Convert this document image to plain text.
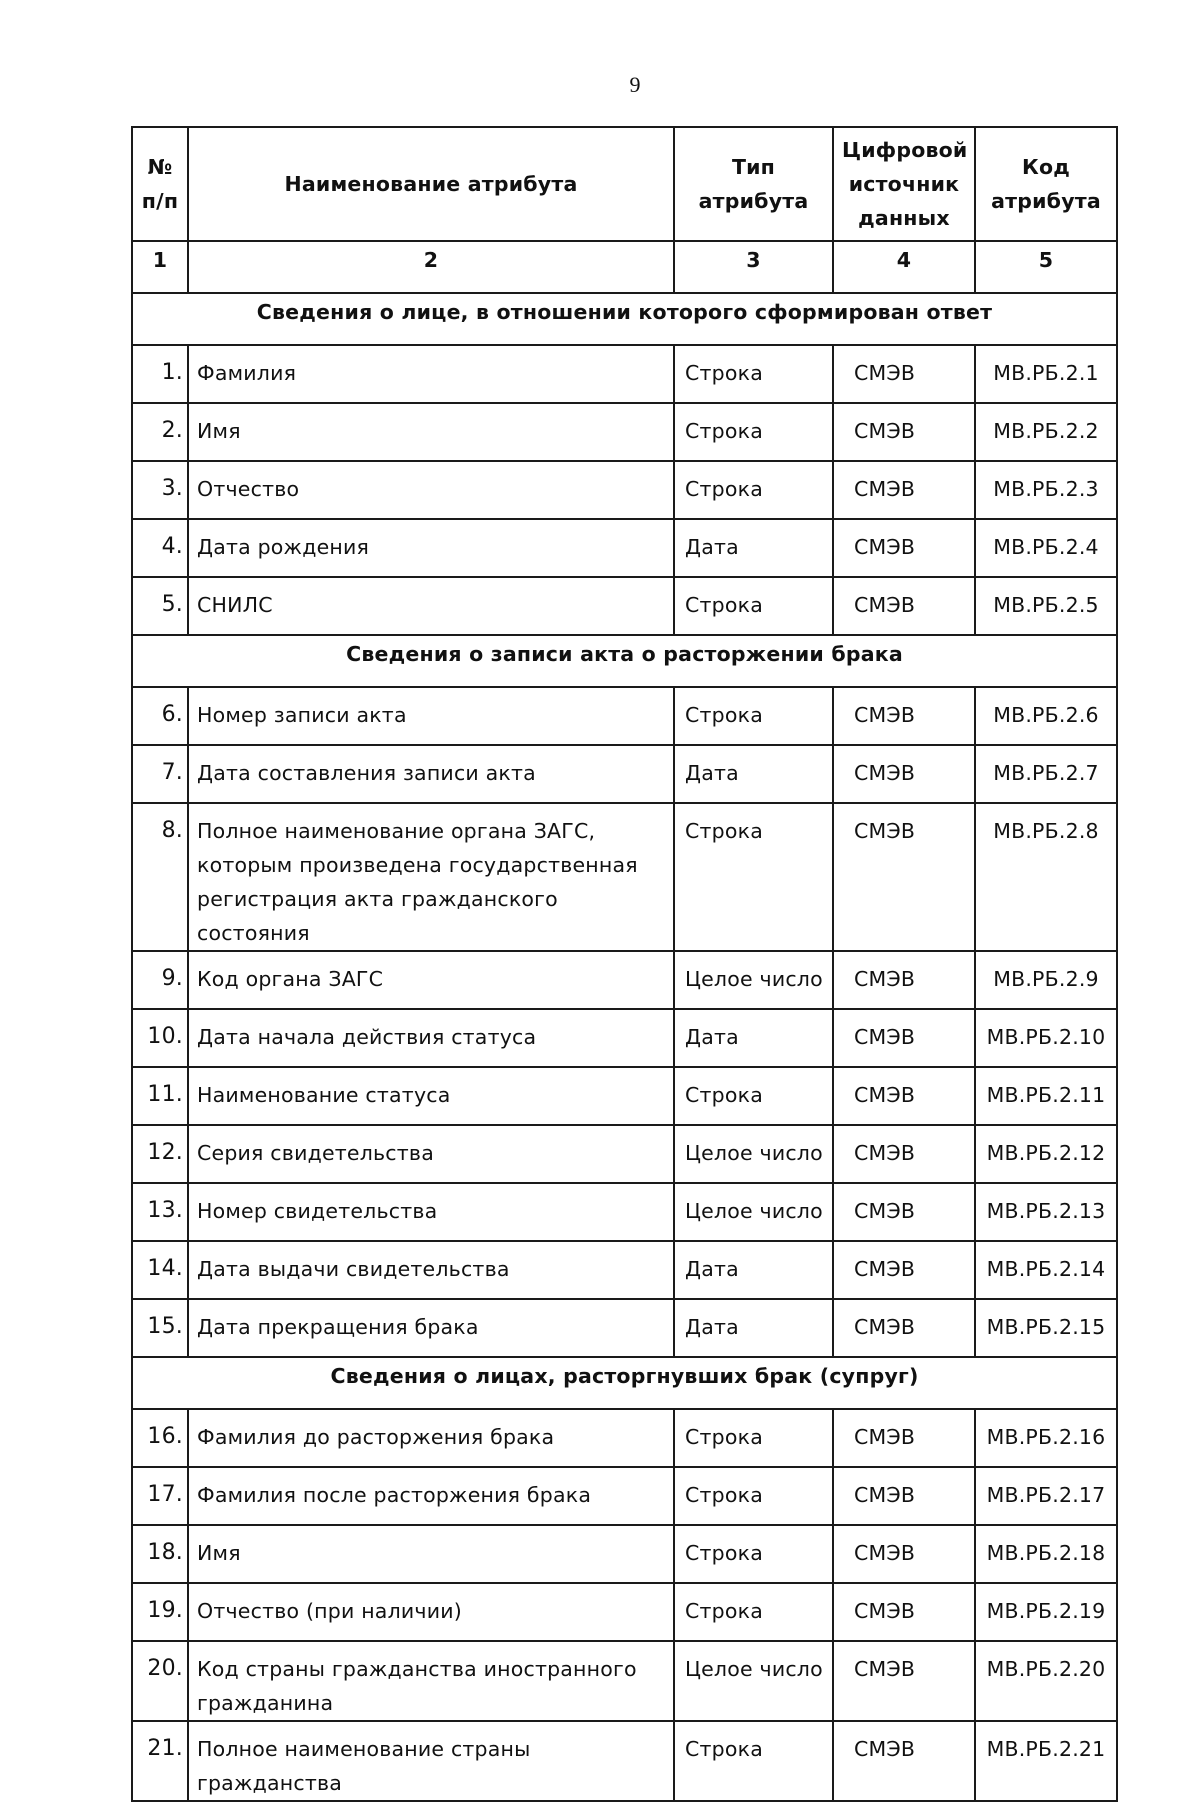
9
№ п/п	Наименование атрибута	Тип атрибута	Цифровой источник данных	Код атрибута
1	2	3	4	5
Сведения о лице, в отношении которого сформирован ответ				
1.	Фамилия	Строка	СМЭВ	МВ.РБ.2.1
2.	Имя	Строка	СМЭВ	МВ.РБ.2.2
3.	Отчество	Строка	СМЭВ	МВ.РБ.2.3
4.	Дата рождения	Дата	СМЭВ	МВ.РБ.2.4
5.	СНИЛС	Строка	СМЭВ	МВ.РБ.2.5
Сведения о записи акта о расторжении брака				
6.	Номер записи акта	Строка	СМЭВ	МВ.РБ.2.6
7.	Дата составления записи акта	Дата	СМЭВ	МВ.РБ.2.7
8.	Полное наименование органа ЗАГС, которым произведена государственная регистрация акта гражданского состояния	Строка	СМЭВ	МВ.РБ.2.8
9.	Код органа ЗАГС	Целое число	СМЭВ	МВ.РБ.2.9
10.	Дата начала действия статуса	Дата	СМЭВ	МВ.РБ.2.10
11.	Наименование статуса	Строка	СМЭВ	МВ.РБ.2.11
12.	Серия свидетельства	Целое число	СМЭВ	МВ.РБ.2.12
13.	Номер свидетельства	Целое число	СМЭВ	МВ.РБ.2.13
14.	Дата выдачи свидетельства	Дата	СМЭВ	МВ.РБ.2.14
15.	Дата прекращения брака	Дата	СМЭВ	МВ.РБ.2.15
Сведения о лицах, расторгнувших брак (супруг)				
16.	Фамилия до расторжения брака	Строка	СМЭВ	МВ.РБ.2.16
17.	Фамилия после расторжения брака	Строка	СМЭВ	МВ.РБ.2.17
18.	Имя	Строка	СМЭВ	МВ.РБ.2.18
19.	Отчество (при наличии)	Строка	СМЭВ	МВ.РБ.2.19
20.	Код страны гражданства иностранного гражданина	Целое число	СМЭВ	МВ.РБ.2.20
21.	Полное наименование страны гражданства	Строка	СМЭВ	МВ.РБ.2.21
